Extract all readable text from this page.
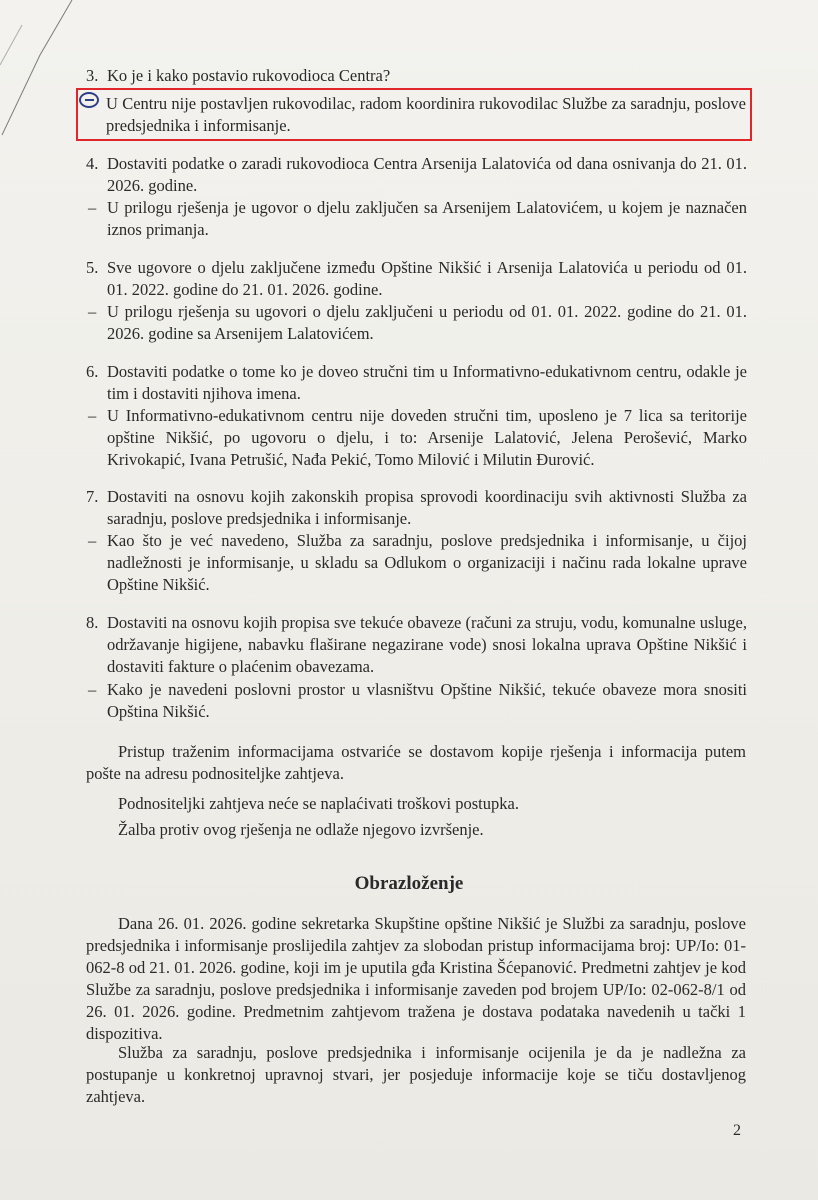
3. Ko je i kako postavio rukovodioca Centra?

U Centru nije postavljen rukovodilac, radom koordinira rukovodilac Službe za saradnju, poslove predsjednika i informisanje.

4. Dostaviti podatke o zaradi rukovodioca Centra Arsenija Lalatovića od dana osnivanja do 21. 01. 2026. godine.

– U prilogu rješenja je ugovor o djelu zaključen sa Arsenijem Lalatovićem, u kojem je naznačen iznos primanja.

5. Sve ugovore o djelu zaključene između Opštine Nikšić i Arsenija Lalatovića u periodu od 01. 01. 2022. godine do 21. 01. 2026. godine.

– U prilogu rješenja su ugovori o djelu zaključeni u periodu od 01. 01. 2022. godine do 21. 01. 2026. godine sa Arsenijem Lalatovićem.

6. Dostaviti podatke o tome ko je doveo stručni tim u Informativno-edukativnom centru, odakle je tim i dostaviti njihova imena.

– U Informativno-edukativnom centru nije doveden stručni tim, uposleno je 7 lica sa teritorije opštine Nikšić, po ugovoru o djelu, i to: Arsenije Lalatović, Jelena Perošević, Marko Krivokapić, Ivana Petrušić, Nađa Pekić, Tomo Milović i Milutin Đurović.

7. Dostaviti na osnovu kojih zakonskih propisa sprovodi koordinaciju svih aktivnosti Služba za saradnju, poslove predsjednika i informisanje.

– Kao što je već navedeno, Služba za saradnju, poslove predsjednika i informisanje, u čijoj nadležnosti je informisanje, u skladu sa Odlukom o organizaciji i načinu rada lokalne uprave Opštine Nikšić.

8. Dostaviti na osnovu kojih propisa sve tekuće obaveze (računi za struju, vodu, komunalne usluge, održavanje higijene, nabavku flaširane negazirane vode) snosi lokalna uprava Opštine Nikšić i dostaviti fakture o plaćenim obavezama.

– Kako je navedeni poslovni prostor u vlasništvu Opštine Nikšić, tekuće obaveze mora snositi Opština Nikšić.

Pristup traženim informacijama ostvariće se dostavom kopije rješenja i informacija putem pošte na adresu podnositeljke zahtjeva.

Podnositeljki zahtjeva neće se naplaćivati troškovi postupka.

Žalba protiv ovog rješenja ne odlaže njegovo izvršenje.

Obrazloženje

Dana 26. 01. 2026. godine sekretarka Skupštine opštine Nikšić je Službi za saradnju, poslove predsjednika i informisanje proslijedila zahtjev za slobodan pristup informacijama broj: UP/Io: 01-062-8 od 21. 01. 2026. godine, koji im je uputila gđa Kristina Šćepanović. Predmetni zahtjev je kod Službe za saradnju, poslove predsjednika i informisanje zaveden pod brojem UP/Io: 02-062-8/1 od 26. 01. 2026. godine. Predmetnim zahtjevom tražena je dostava podataka navedenih u tački 1 dispozitiva.

Služba za saradnju, poslove predsjednika i informisanje ocijenila je da je nadležna za postupanje u konkretnoj upravnoj stvari, jer posjeduje informacije koje se tiču dostavljenog zahtjeva.

2
